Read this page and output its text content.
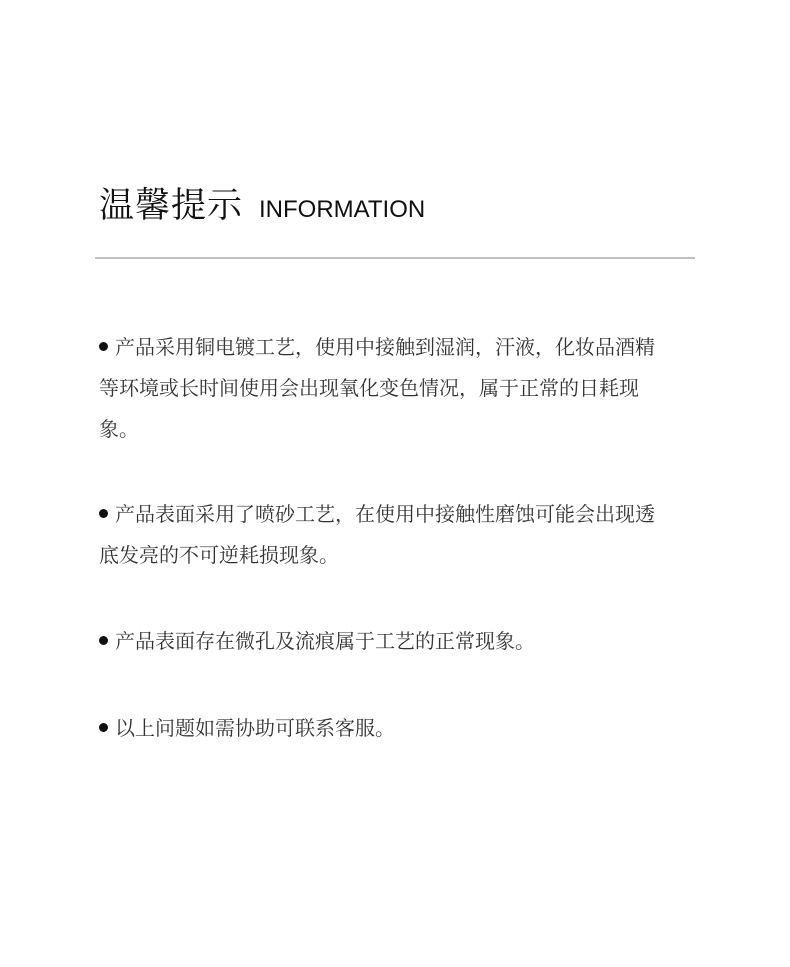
温馨提示 INFORMATION
产品采用铜电镀工艺，使用中接触到湿润，汗液，化妆品酒精等环境或长时间使用会出现氧化变色情况，属于正常的日耗现象。
产品表面采用了喷砂工艺，在使用中接触性磨蚀可能会出现透底发亮的不可逆耗损现象。
产品表面存在微孔及流痕属于工艺的正常现象。
以上问题如需协助可联系客服。
